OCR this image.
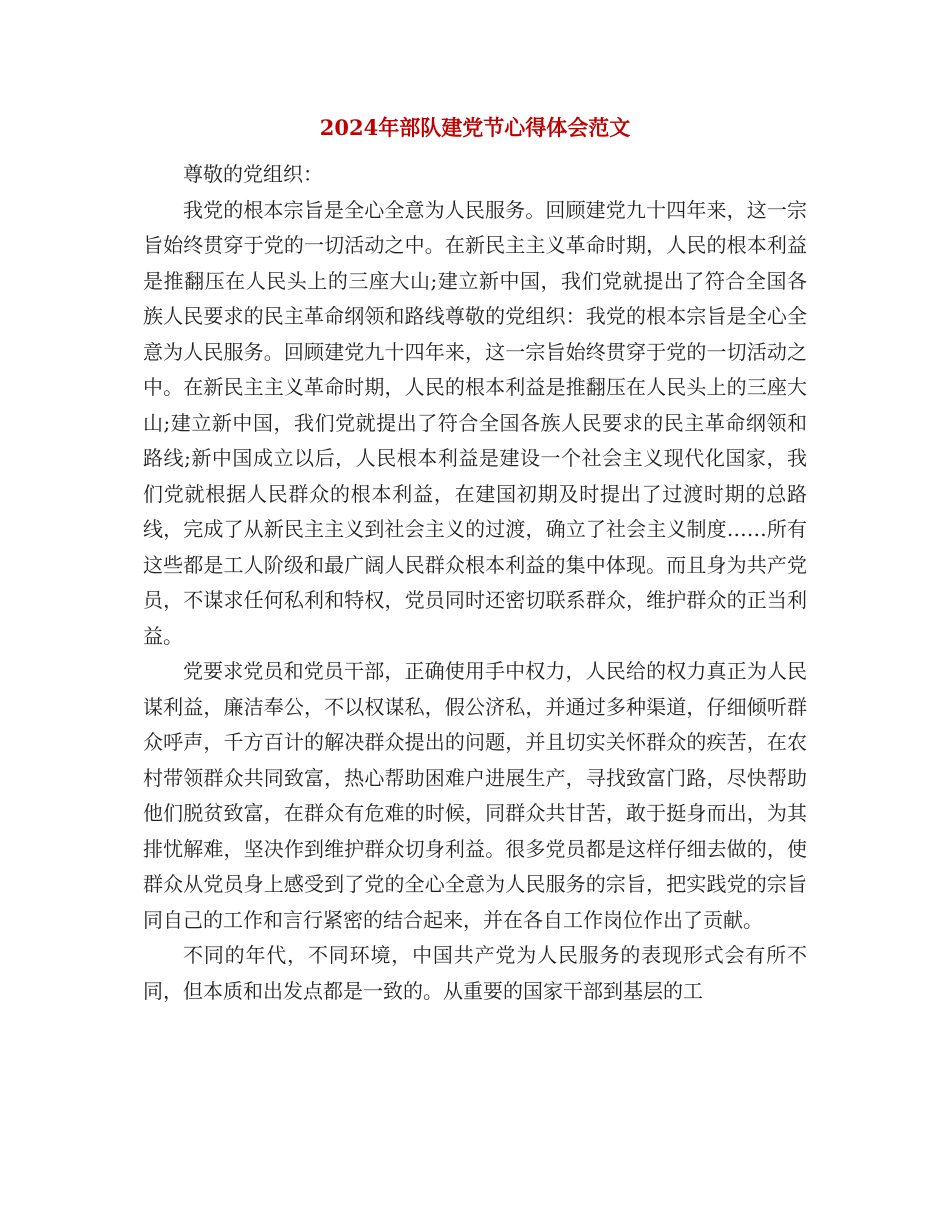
2024年部队建党节心得体会范文

尊敬的党组织：

我党的根本宗旨是全心全意为人民服务。回顾建党九十四年来，这一宗旨始终贯穿于党的一切活动之中。在新民主主义革命时期，人民的根本利益是推翻压在人民头上的三座大山;建立新中国，我们党就提出了符合全国各族人民要求的民主革命纲领和路线尊敬的党组织：我党的根本宗旨是全心全意为人民服务。回顾建党九十四年来，这一宗旨始终贯穿于党的一切活动之中。在新民主主义革命时期，人民的根本利益是推翻压在人民头上的三座大山;建立新中国，我们党就提出了符合全国各族人民要求的民主革命纲领和路线;新中国成立以后，人民根本利益是建设一个社会主义现代化国家，我们党就根据人民群众的根本利益，在建国初期及时提出了过渡时期的总路线，完成了从新民主主义到社会主义的过渡，确立了社会主义制度……所有这些都是工人阶级和最广阔人民群众根本利益的集中体现。而且身为共产党员，不谋求任何私利和特权，党员同时还密切联系群众，维护群众的正当利益。

党要求党员和党员干部，正确使用手中权力，人民给的权力真正为人民谋利益，廉洁奉公，不以权谋私，假公济私，并通过多种渠道，仔细倾听群众呼声，千方百计的解决群众提出的问题，并且切实关怀群众的疾苦，在农村带领群众共同致富，热心帮助困难户进展生产，寻找致富门路，尽快帮助他们脱贫致富，在群众有危难的时候，同群众共甘苦，敢于挺身而出，为其排忧解难，坚决作到维护群众切身利益。很多党员都是这样仔细去做的，使群众从党员身上感受到了党的全心全意为人民服务的宗旨，把实践党的宗旨同自己的工作和言行紧密的结合起来，并在各自工作岗位作出了贡献。

不同的年代，不同环境，中国共产党为人民服务的表现形式会有所不同，但本质和出发点都是一致的。从重要的国家干部到基层的工
